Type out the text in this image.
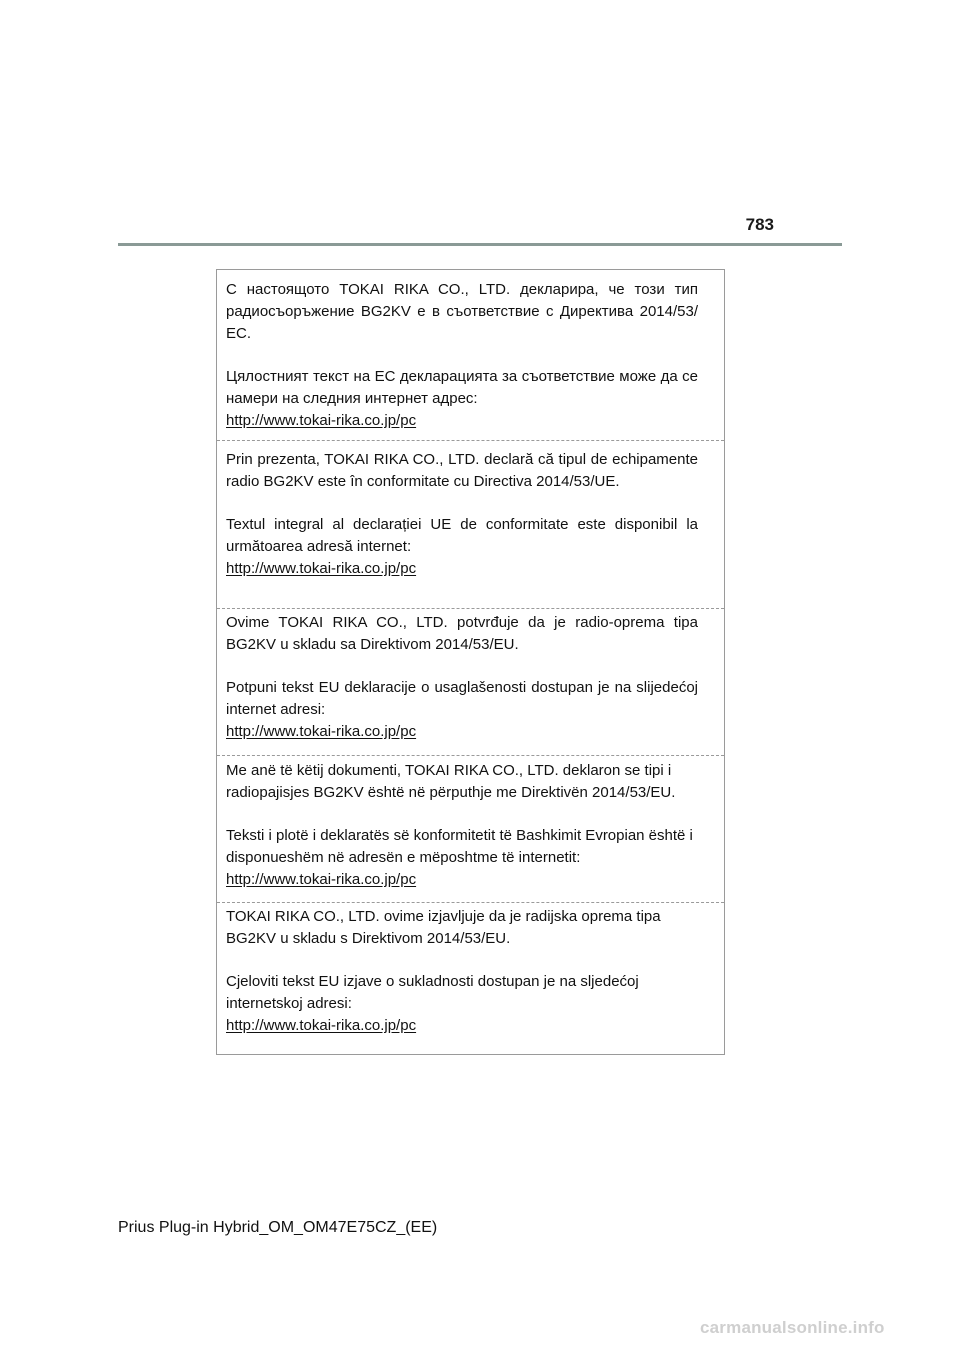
783

С настоящото TOKAI RIKA CO., LTD. декларира, че този тип радиосъоръжение BG2KV е в съответствие с Директива 2014/53/ЕС.

Цялостният текст на ЕС декларацията за съответствие може да се намери на следния интернет адрес:

http://www.tokai-rika.co.jp/pc

Prin prezenta, TOKAI RIKA CO., LTD. declară că tipul de echipamente radio BG2KV este în conformitate cu Directiva 2014/53/UE.

Textul integral al declarației UE de conformitate este disponibil la următoarea adresă internet:

http://www.tokai-rika.co.jp/pc

Ovime TOKAI RIKA CO., LTD. potvrđuje da je radio-oprema tipa BG2KV u skladu sa Direktivom 2014/53/EU.

Potpuni tekst EU deklaracije o usaglašenosti dostupan je na slijedećoj internet adresi:

http://www.tokai-rika.co.jp/pc

Me anë të këtij dokumenti, TOKAI RIKA CO., LTD. deklaron se tipi i radiopajisjes BG2KV është në përputhje me Direktivën 2014/53/EU.

Teksti i plotë i deklaratës së konformitetit të Bashkimit Evropian është i disponueshëm në adresën e mëposhtme të internetit:

http://www.tokai-rika.co.jp/pc

TOKAI RIKA CO., LTD. ovime izjavljuje da je radijska oprema tipa BG2KV u skladu s Direktivom 2014/53/EU.

Cjeloviti tekst EU izjave o sukladnosti dostupan je na sljedećoj internetskoj adresi:

http://www.tokai-rika.co.jp/pc

Prius Plug-in Hybrid_OM_OM47E75CZ_(EE)
carmanualsonline.info
